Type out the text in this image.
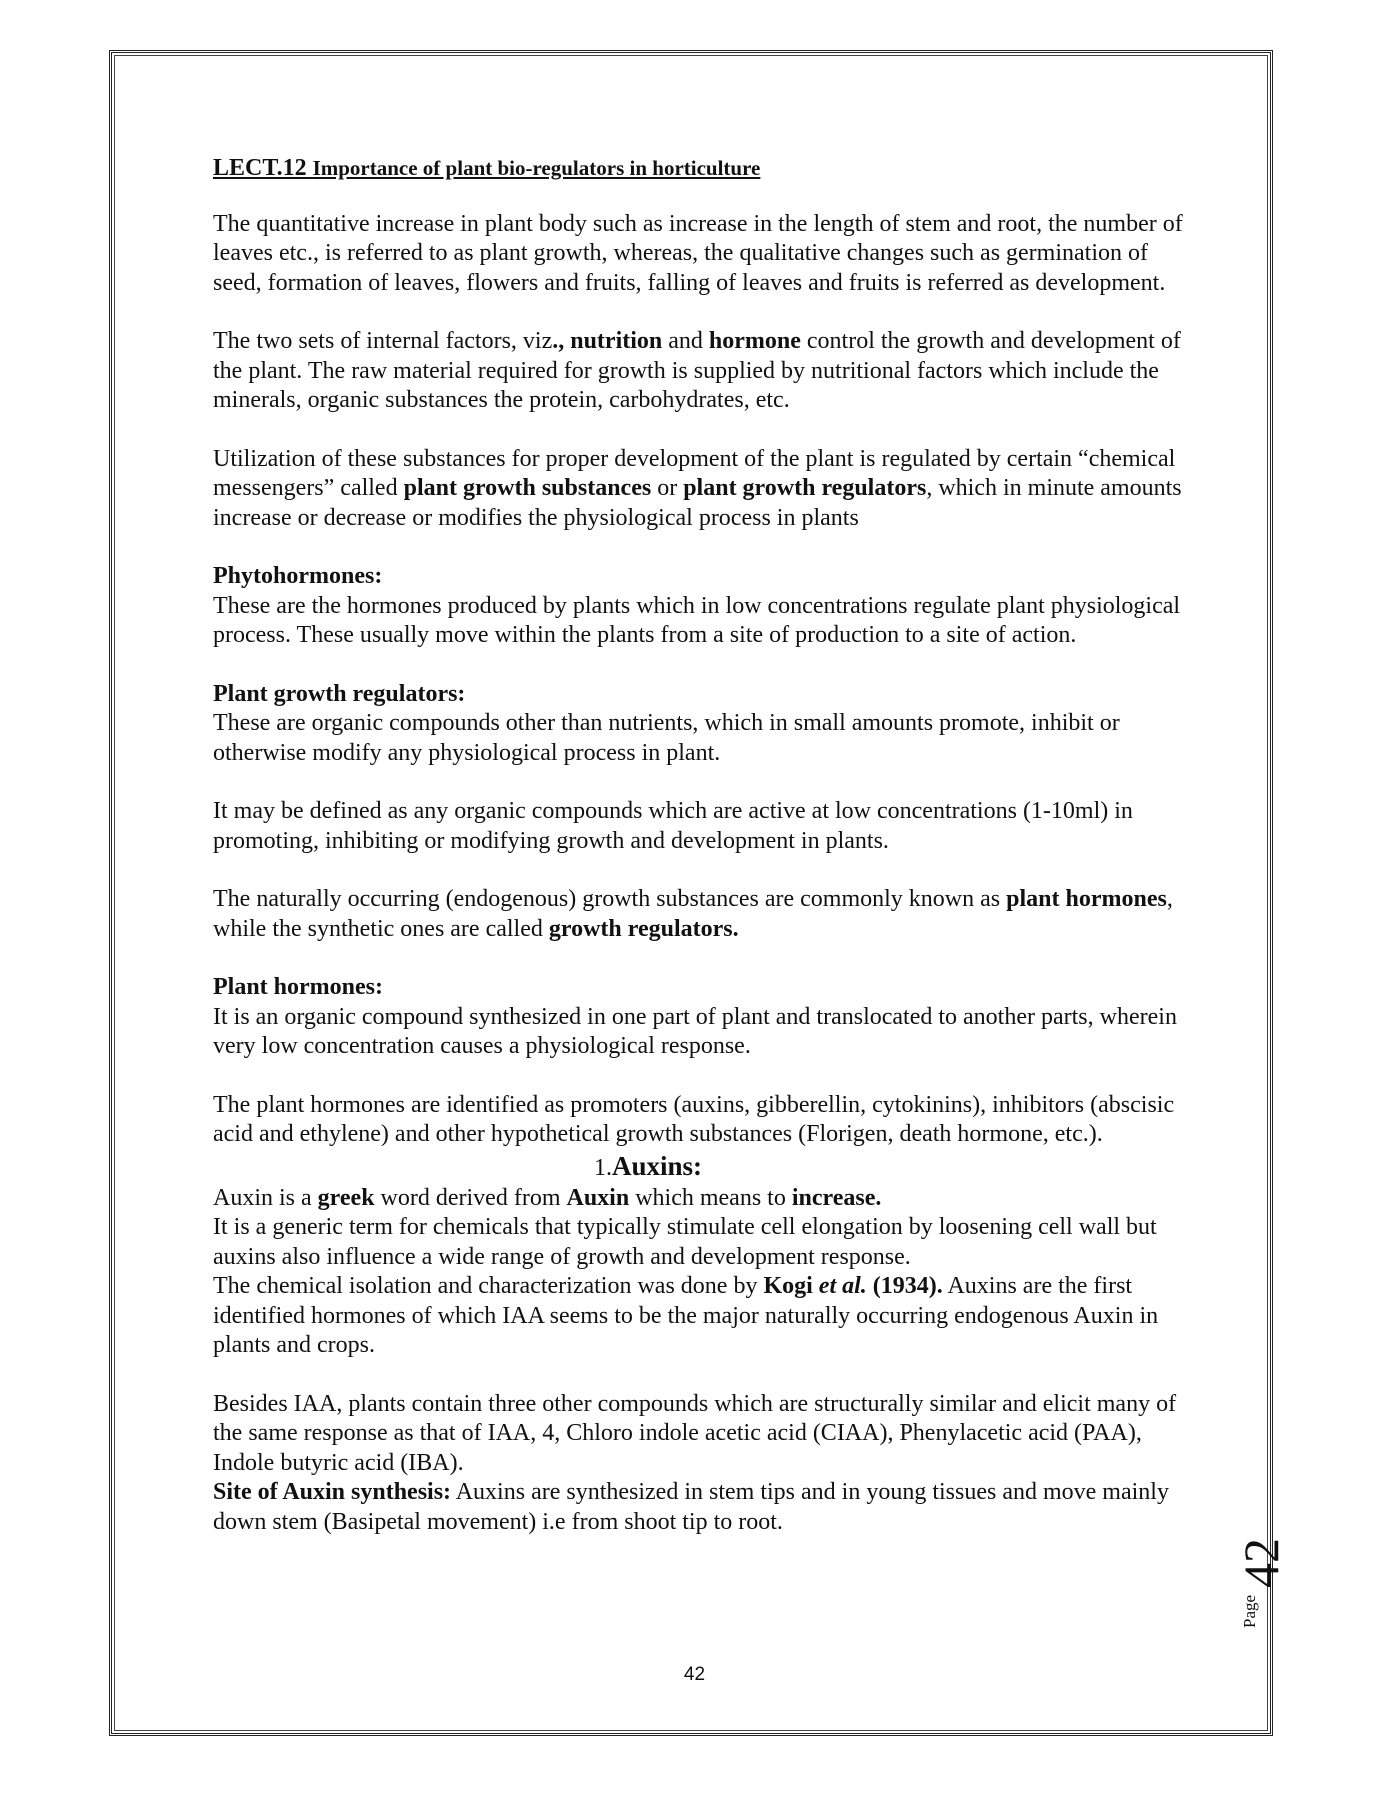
LECT.12 Importance of plant bio-regulators in horticulture

The quantitative increase in plant body such as increase in the length of stem and root, the number of leaves etc., is referred to as plant growth, whereas, the qualitative changes such as germination of seed, formation of leaves, flowers and fruits, falling of leaves and fruits is referred as development.

The two sets of internal factors, viz., nutrition and hormone control the growth and development of the plant. The raw material required for growth is supplied by nutritional factors which include the minerals, organic substances the protein, carbohydrates, etc.

Utilization of these substances for proper development of the plant is regulated by certain “chemical messengers” called plant growth substances or plant growth regulators, which in minute amounts increase or decrease or modifies the physiological process in plants

Phytohormones:

These are the hormones produced by plants which in low concentrations regulate plant physiological process. These usually move within the plants from a site of production to a site of action.

Plant growth regulators:

These are organic compounds other than nutrients, which in small amounts promote, inhibit or otherwise modify any physiological process in plant.

It may be defined as any organic compounds which are active at low concentrations (1-10ml) in promoting, inhibiting or modifying growth and development in plants.

The naturally occurring (endogenous) growth substances are commonly known as plant hormones, while the synthetic ones are called growth regulators.

Plant hormones:

It is an organic compound synthesized in one part of plant and translocated to another parts, wherein very low concentration causes a physiological response.

The plant hormones are identified as promoters (auxins, gibberellin, cytokinins), inhibitors (abscisic acid and ethylene) and other hypothetical growth substances (Florigen, death hormone, etc.).

1.Auxins:

Auxin is a greek word derived from Auxin which means to increase.

It is a generic term for chemicals that typically stimulate cell elongation by loosening cell wall but auxins also influence a wide range of growth and development response.

The chemical isolation and characterization was done by Kogi et al. (1934). Auxins are the first identified hormones of which IAA seems to be the major naturally occurring endogenous Auxin in plants and crops.

Besides IAA, plants contain three other compounds which are structurally similar and elicit many of the same response as that of IAA, 4, Chloro indole acetic acid (CIAA), Phenylacetic acid (PAA), Indole butyric acid (IBA).

Site of Auxin synthesis: Auxins are synthesized in stem tips and in young tissues and move mainly down stem (Basipetal movement) i.e from shoot tip to root.

Page
42
42
